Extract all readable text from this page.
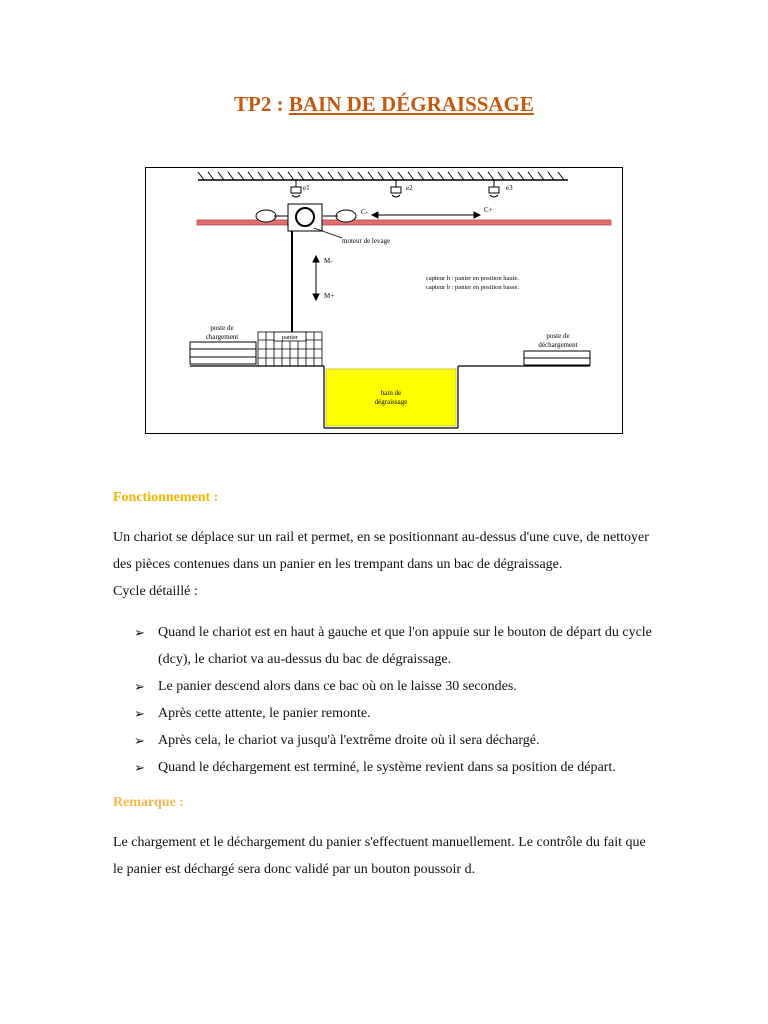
TP2 : BAIN DE DÉGRAISSAGE
e1	e2	e3
C-	C+
moteur de levage
M-
M+
capteur h : panier en position haute.
capteur b : panier en position basse.
panier
poste de
chargement	poste de
déchargement
bain de
dégraissage
Fonctionnement :
Un chariot se déplace sur un rail et permet, en se positionnant au-dessus d'une cuve, de nettoyer des pièces contenues dans un panier en les trempant dans un bac de dégraissage.
Cycle détaillé :
➢ Quand le chariot est en haut à gauche et que l'on appuie sur le bouton de départ du cycle (dcy), le chariot va au-dessus du bac de dégraissage.
➢ Le panier descend alors dans ce bac où on le laisse 30 secondes.
➢ Après cette attente, le panier remonte.
➢ Après cela, le chariot va jusqu'à l'extrême droite où il sera déchargé.
➢ Quand le déchargement est terminé, le système revient dans sa position de départ.
Remarque :
Le chargement et le déchargement du panier s'effectuent manuellement. Le contrôle du fait que le panier est déchargé sera donc validé par un bouton poussoir d.
